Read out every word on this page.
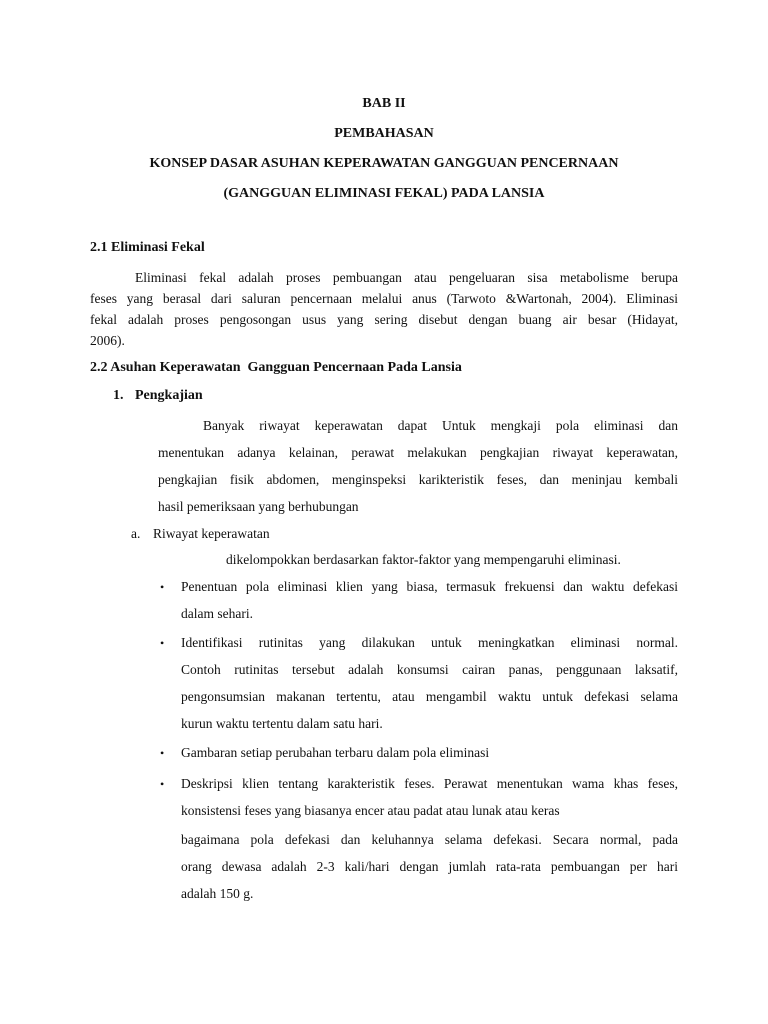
BAB II
PEMBAHASAN
KONSEP DASAR ASUHAN KEPERAWATAN GANGGUAN PENCERNAAN
(GANGGUAN ELIMINASI FEKAL) PADA LANSIA
2.1 Eliminasi Fekal
Eliminasi fekal adalah proses pembuangan atau pengeluaran sisa metabolisme berupa
feses yang berasal dari saluran pencernaan melalui anus (Tarwoto &Wartonah, 2004). Eliminasi
fekal adalah proses pengosongan usus yang sering disebut dengan buang air besar (Hidayat,
2006).
2.2 Asuhan Keperawatan  Gangguan Pencernaan Pada Lansia
1. Pengkajian
Banyak riwayat keperawatan dapat Untuk mengkaji pola eliminasi dan
menentukan adanya kelainan, perawat melakukan pengkajian riwayat keperawatan,
pengkajian fisik abdomen, menginspeksi karikteristik feses, dan meninjau kembali
hasil pemeriksaan yang berhubungan
a. Riwayat keperawatan
dikelompokkan berdasarkan faktor-faktor yang mempengaruhi eliminasi.
• Penentuan pola eliminasi klien yang biasa, termasuk frekuensi dan waktu defekasi
dalam sehari.
• Identifikasi rutinitas yang dilakukan untuk meningkatkan eliminasi normal.
Contoh rutinitas tersebut adalah konsumsi cairan panas, penggunaan laksatif,
pengonsumsian makanan tertentu, atau mengambil waktu untuk defekasi selama
kurun waktu tertentu dalam satu hari.
• Gambaran setiap perubahan terbaru dalam pola eliminasi
• Deskripsi klien tentang karakteristik feses. Perawat menentukan wama khas feses,
konsistensi feses yang biasanya encer atau padat atau lunak atau keras
bagaimana pola defekasi dan keluhannya selama defekasi. Secara normal, pada
orang dewasa adalah 2-3 kali/hari dengan jumlah rata-rata pembuangan per hari
adalah 150 g.
